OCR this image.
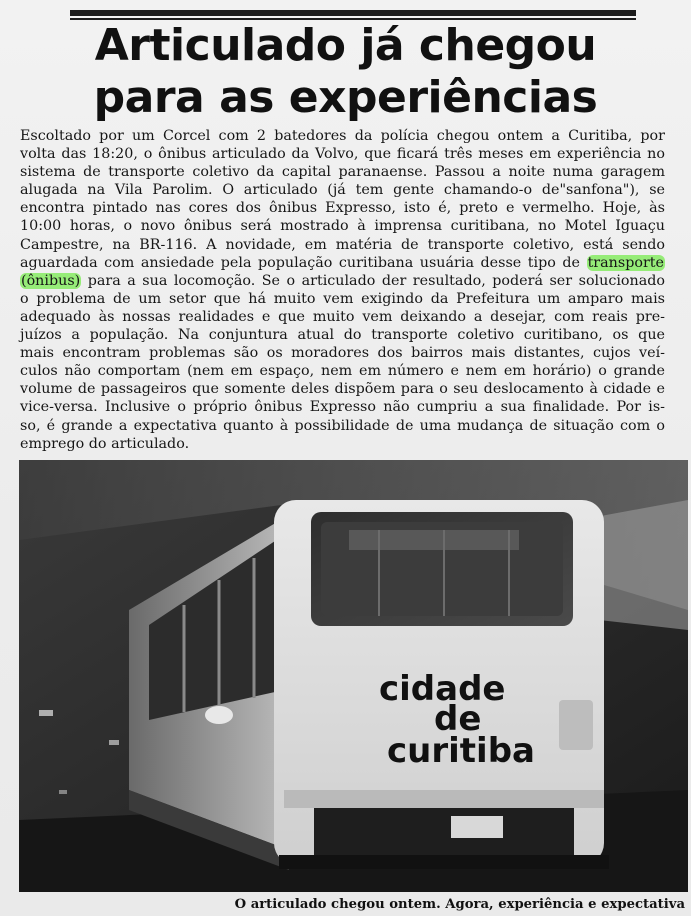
Articulado já chegou
para as experiências
Escoltado por um Corcel com 2 batedores da polícia chegou ontem a Curitiba, por
volta das 18:20, o ônibus articulado da Volvo, que ficará três meses em experiência no
sistema de transporte coletivo da capital paranaense. Passou a noite numa garagem
alugada na Vila Parolim. O articulado (já tem gente chamando-o de"sanfona"), se
encontra pintado nas cores dos ônibus Expresso, isto é, preto e vermelho. Hoje, às
10:00 horas, o novo ônibus será mostrado à imprensa curitibana, no Motel Iguaçu
Campestre, na BR-116. A novidade, em matéria de transporte coletivo, está sendo
aguardada com ansiedade pela população curitibana usuária desse tipo de transporte
(ônibus) para a sua locomoção. Se o articulado der resultado, poderá ser solucionado
o problema de um setor que há muito vem exigindo da Prefeitura um amparo mais
adequado às nossas realidades e que muito vem deixando a desejar, com reais pre-
juízos a população. Na conjuntura atual do transporte coletivo curitibano, os que
mais encontram problemas são os moradores dos bairros mais distantes, cujos veí-
culos não comportam (nem em espaço, nem em número e nem em horário) o grande
volume de passageiros que somente deles dispõem para o seu deslocamento à cidade e
vice-versa. Inclusive o próprio ônibus Expresso não cumpriu a sua finalidade. Por is-
so, é grande a expectativa quanto à possibilidade de uma mudança de situação com o
emprego do articulado.
cidade
de
curitiba
O articulado chegou ontem. Agora, experiência e expectativa
